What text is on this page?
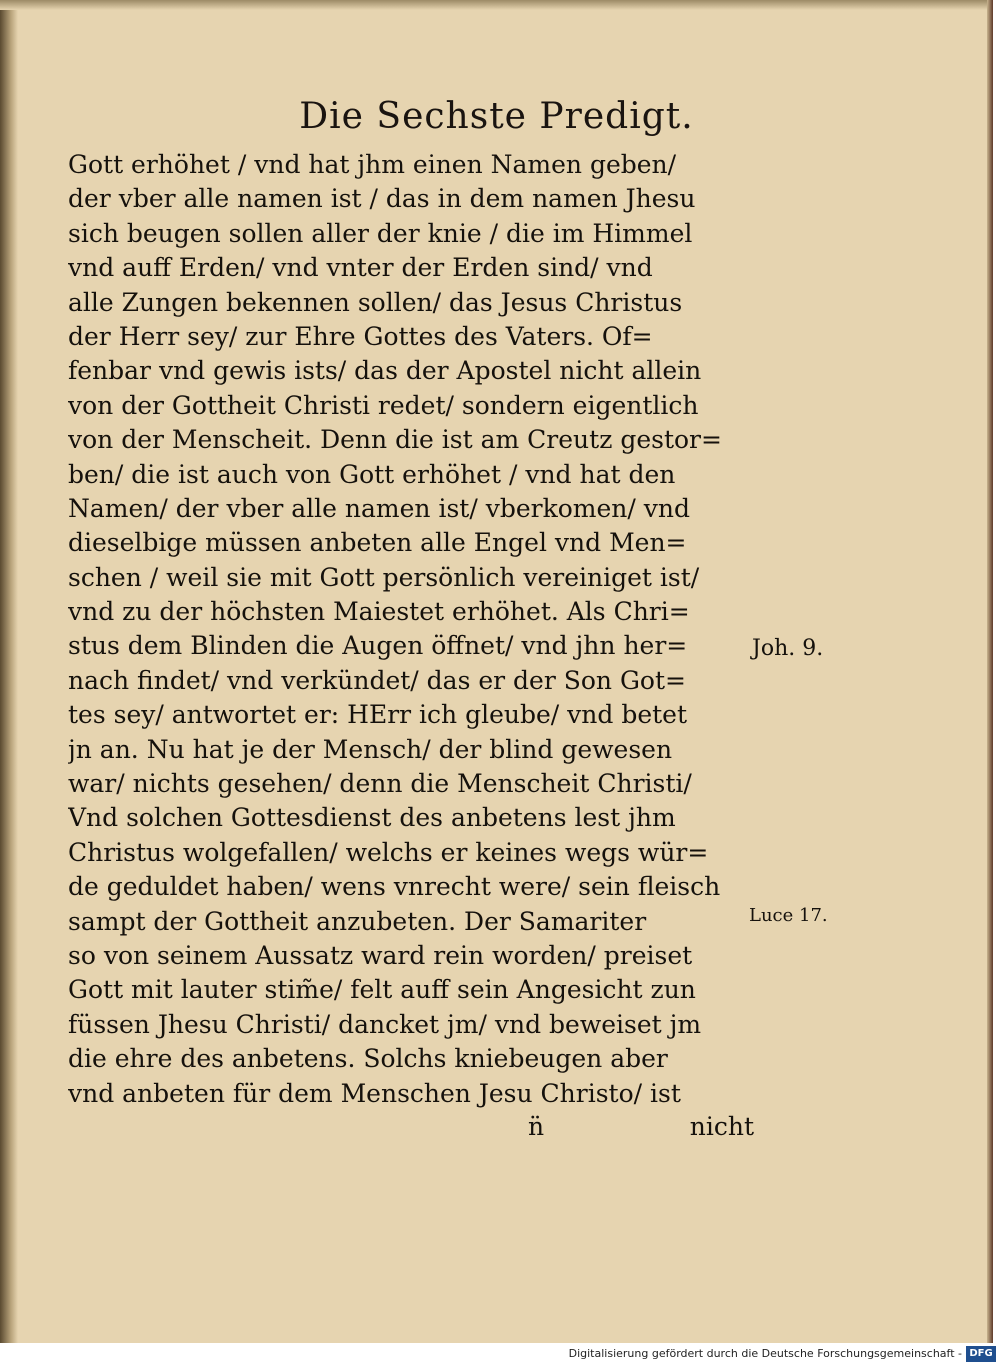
Die Sechste Predigt.
Gott erhöhet / vnd hat jhm einen Namen geben/
der vber alle namen ist / das in dem namen Jhesu
sich beugen sollen aller der knie / die im Himmel
vnd auff Erden/ vnd vnter der Erden sind/ vnd
alle Zungen bekennen sollen/ das Jesus Christus
der Herr sey/ zur Ehre Gottes des Vaters. Of=
fenbar vnd gewis ists/ das der Apostel nicht allein
von der Gottheit Christi redet/ sondern eigentlich
von der Menscheit. Denn die ist am Creutz gestor=
ben/ die ist auch von Gott erhöhet / vnd hat den
Namen/ der vber alle namen ist/ vberkomen/ vnd
dieselbige müssen anbeten alle Engel vnd Men=
schen / weil sie mit Gott persönlich vereiniget ist/
vnd zu der höchsten Maiestet erhöhet. Als Chri=
stus dem Blinden die Augen öffnet/ vnd jhn her=
nach findet/ vnd verkündet/ das er der Son Got=
tes sey/ antwortet er: HErr ich gleube/ vnd betet
jn an. Nu hat je der Mensch/ der blind gewesen
war/ nichts gesehen/ denn die Menscheit Christi/
Vnd solchen Gottesdienst des anbetens lest jhm
Christus wolgefallen/ welchs er keines wegs wür=
de geduldet haben/ wens vnrecht were/ sein fleisch
sampt der Gottheit anzubeten. Der Samariter
so von seinem Aussatz ward rein worden/ preiset
Gott mit lauter stim̃e/ felt auff sein Angesicht zun
füssen Jhesu Christi/ dancket jm/ vnd beweiset jm
die ehre des anbetens. Solchs kniebeugen aber
vnd anbeten für dem Menschen Jesu Christo/ ist
Joh. 9.
Luce 17.
n̈	nicht
Digitalisierung gefördert durch die Deutsche Forschungsgemeinschaft - DFG
